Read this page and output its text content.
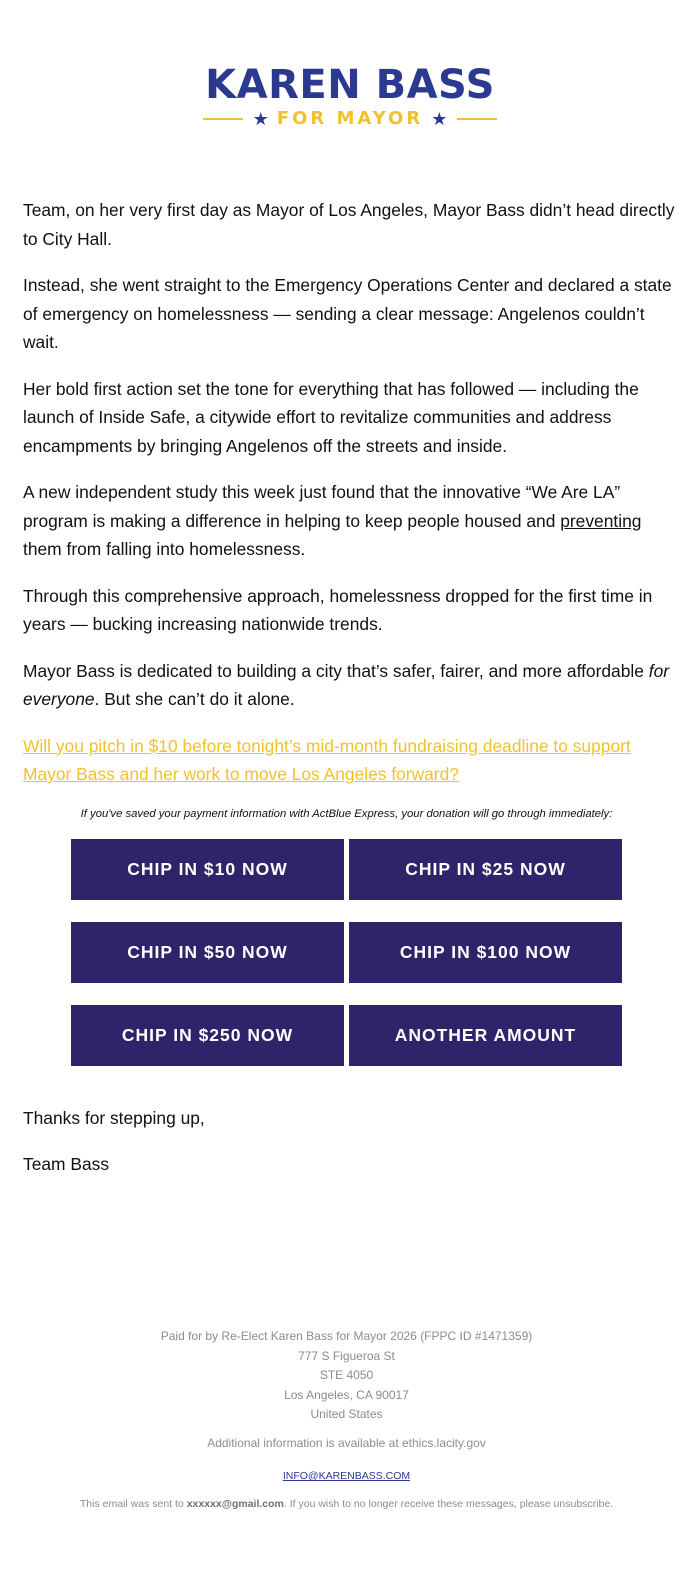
KAREN BASS
★ FOR MAYOR ★

Team, on her very first day as Mayor of Los Angeles, Mayor Bass didn’t head directly to City Hall.

Instead, she went straight to the Emergency Operations Center and declared a state of emergency on homelessness — sending a clear message: Angelenos couldn’t wait.

Her bold first action set the tone for everything that has followed — including the launch of Inside Safe, a citywide effort to revitalize communities and address encampments by bringing Angelenos off the streets and inside.

A new independent study this week just found that the innovative “We Are LA” program is making a difference in helping to keep people housed and preventing them from falling into homelessness.

Through this comprehensive approach, homelessness dropped for the first time in years — bucking increasing nationwide trends.

Mayor Bass is dedicated to building a city that’s safer, fairer, and more affordable for everyone. But she can’t do it alone.

Will you pitch in $10 before tonight’s mid-month fundraising deadline to support Mayor Bass and her work to move Los Angeles forward?

If you've saved your payment information with ActBlue Express, your donation will go through immediately:
CHIP IN $10 NOW	CHIP IN $25 NOW
CHIP IN $50 NOW	CHIP IN $100 NOW
CHIP IN $250 NOW	ANOTHER AMOUNT
Thanks for stepping up,
Team Bass
Paid for by Re-Elect Karen Bass for Mayor 2026 (FPPC ID #1471359)
777 S Figueroa St
STE 4050
Los Angeles, CA 90017
United States
Additional information is available at ethics.lacity.gov
INFO@KARENBASS.COM
This email was sent to xxxxxx@gmail.com. If you wish to no longer receive these messages, please unsubscribe.
